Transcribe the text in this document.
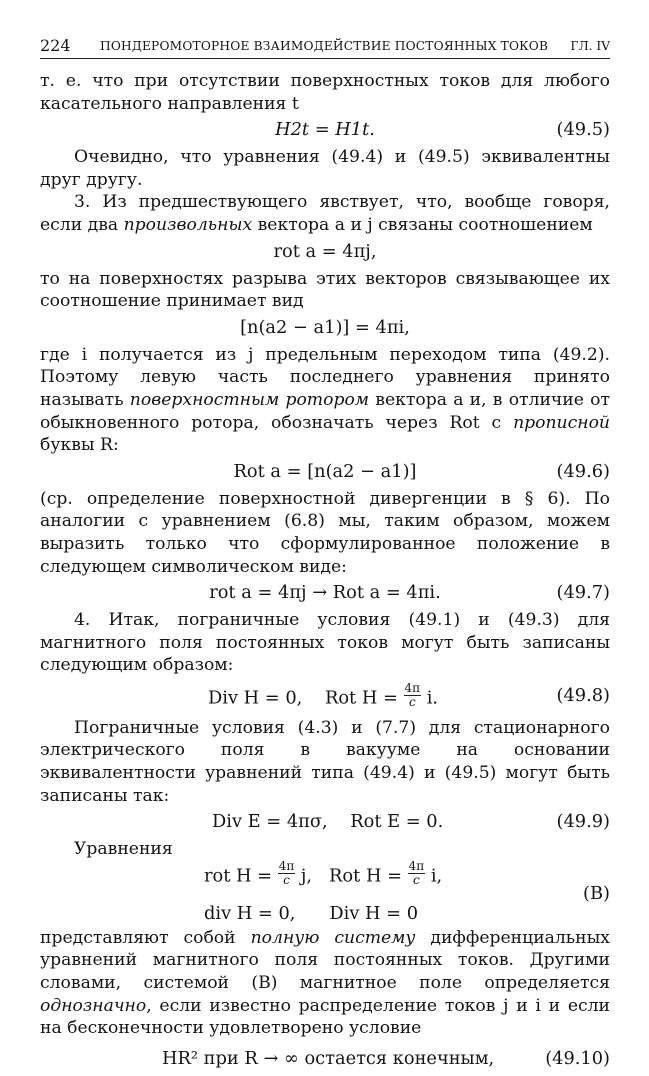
224 ПОНДЕРОМОТОРНОЕ ВЗАИМОДЕЙСТВИЕ ПОСТОЯННЫХ ТОКОВ ГЛ. IV

т. е. что при отсутствии поверхностных токов для любого касательного направления t

H2t = H1t.	(49.5)

Очевидно, что уравнения (49.4) и (49.5) эквивалентны друг другу.

3. Из предшествующего явствует, что, вообще говоря, если два произвольных вектора a и j связаны соотношением

rot a = 4πj,

то на поверхностях разрыва этих векторов связывающее их соотношение принимает вид

[n(a2 − a1)] = 4πi,

где i получается из j предельным переходом типа (49.2). Поэтому левую часть последнего уравнения принято называть поверхностным ротором вектора a и, в отличие от обыкновенного ротора, обозначать через Rot с прописной буквы R:

Rot a = [n(a2 − a1)]	(49.6)

(ср. определение поверхностной дивергенции в § 6). По аналогии с уравнением (6.8) мы, таким образом, можем выразить только что сформулированное положение в следующем символическом виде:

rot a = 4πj → Rot a = 4πi.	(49.7)

4. Итак, пограничные условия (49.1) и (49.3) для магнитного поля постоянных токов могут быть записаны следующим образом:

Div H = 0, Rot $H = \frac{4\pi}{c} i$.	(49.8)

Пограничные условия (4.3) и (7.7) для стационарного электрического поля в вакууме на основании эквивалентности уравнений типа (49.4) и (49.5) могут быть записаны так:

Div E = 4πσ, Rot E = 0.	(49.9)

Уравнения

rot $H = \frac{4\pi}{c} j$, Rot $H = \frac{4\pi}{c} i$,
div H = 0, Div H = 0
(B)

представляют собой полную систему дифференциальных уравнений магнитного поля постоянных токов. Другими словами, системой (B) магнитное поле определяется однозначно, если известно распределение токов j и i и если на бесконечности удовлетворено условие

HR² при R → ∞ остается конечным,	(49.10)
